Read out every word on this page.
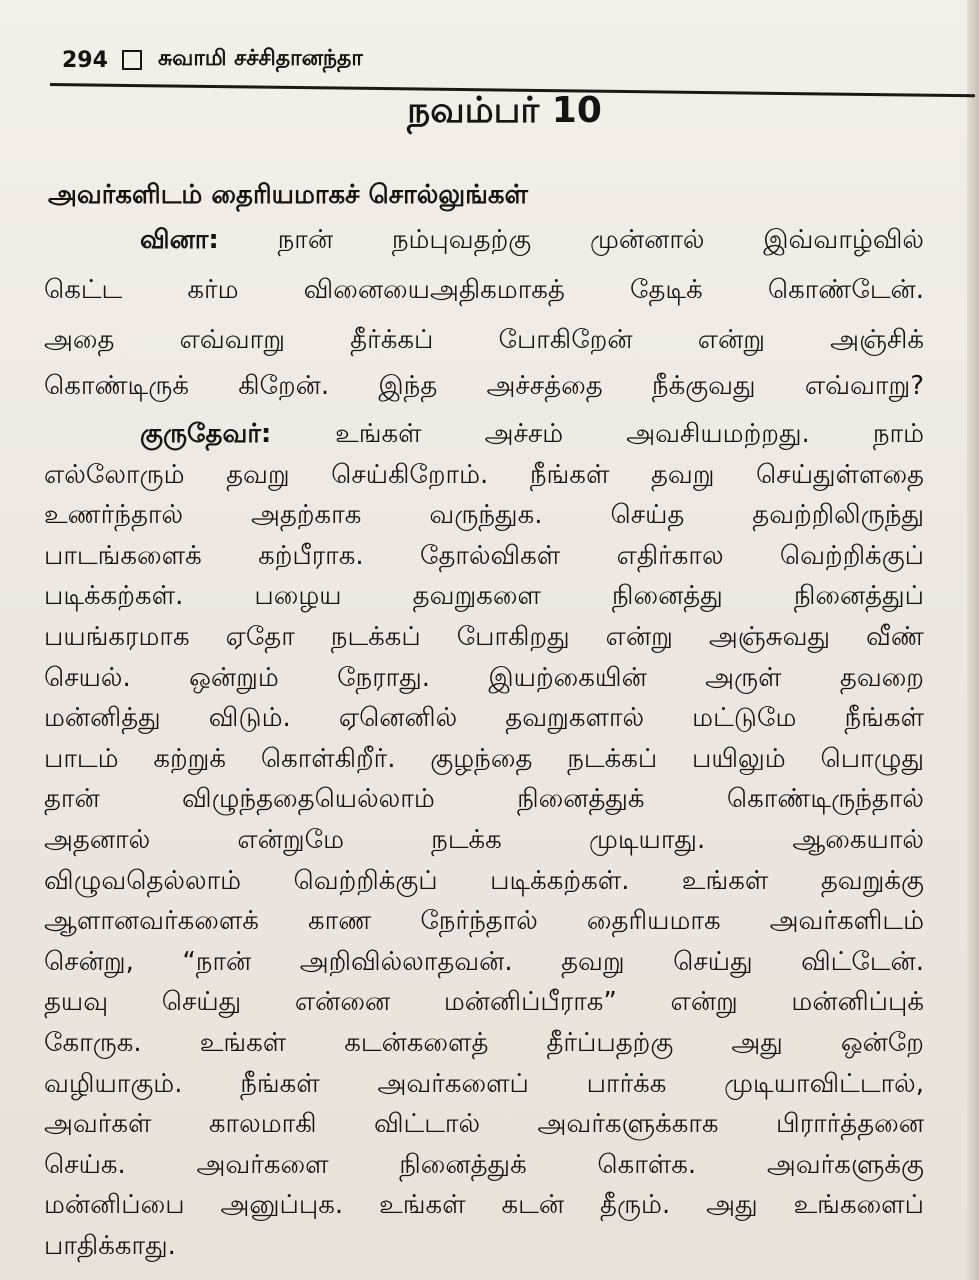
294 சுவாமி சச்சிதானந்தா
நவம்பர் 10
அவர்களிடம் தைரியமாகச் சொல்லுங்கள்
வினா: நான் நம்புவதற்கு முன்னால் இவ்வாழ்வில்
கெட்ட கர்ம வினையைஅதிகமாகத் தேடிக் கொண்டேன்.
அதை எவ்வாறு தீர்க்கப் போகிறேன் என்று அஞ்சிக்
கொண்டிருக் கிறேன். இந்த அச்சத்தை நீக்குவது எவ்வாறு?
குருதேவர்: உங்கள் அச்சம் அவசியமற்றது. நாம்
எல்லோரும் தவறு செய்கிறோம். நீங்கள் தவறு செய்துள்ளதை
உணர்ந்தால் அதற்காக வருந்துக. செய்த தவற்றிலிருந்து
பாடங்களைக் கற்பீராக. தோல்விகள் எதிர்கால வெற்றிக்குப்
படிக்கற்கள். பழைய தவறுகளை நினைத்து நினைத்துப்
பயங்கரமாக ஏதோ நடக்கப் போகிறது என்று அஞ்சுவது வீண்
செயல். ஒன்றும் நேராது. இயற்கையின் அருள் தவறை
மன்னித்து விடும். ஏனெனில் தவறுகளால் மட்டுமே நீங்கள்
பாடம் கற்றுக் கொள்கிறீர். குழந்தை நடக்கப் பயிலும் பொழுது
தான் விழுந்ததையெல்லாம் நினைத்துக் கொண்டிருந்தால்
அதனால் என்றுமே நடக்க முடியாது. ஆகையால்
விழுவதெல்லாம் வெற்றிக்குப் படிக்கற்கள். உங்கள் தவறுக்கு
ஆளானவர்களைக் காண நேர்ந்தால் தைரியமாக அவர்களிடம்
சென்று, “நான் அறிவில்லாதவன். தவறு செய்து விட்டேன்.
தயவு செய்து என்னை மன்னிப்பீராக” என்று மன்னிப்புக்
கோருக. உங்கள் கடன்களைத் தீர்ப்பதற்கு அது ஒன்றே
வழியாகும். நீங்கள் அவர்களைப் பார்க்க முடியாவிட்டால்,
அவர்கள் காலமாகி விட்டால் அவர்களுக்காக பிரார்த்தனை
செய்க. அவர்களை நினைத்துக் கொள்க. அவர்களுக்கு
மன்னிப்பை அனுப்புக. உங்கள் கடன் தீரும். அது உங்களைப்
பாதிக்காது.
